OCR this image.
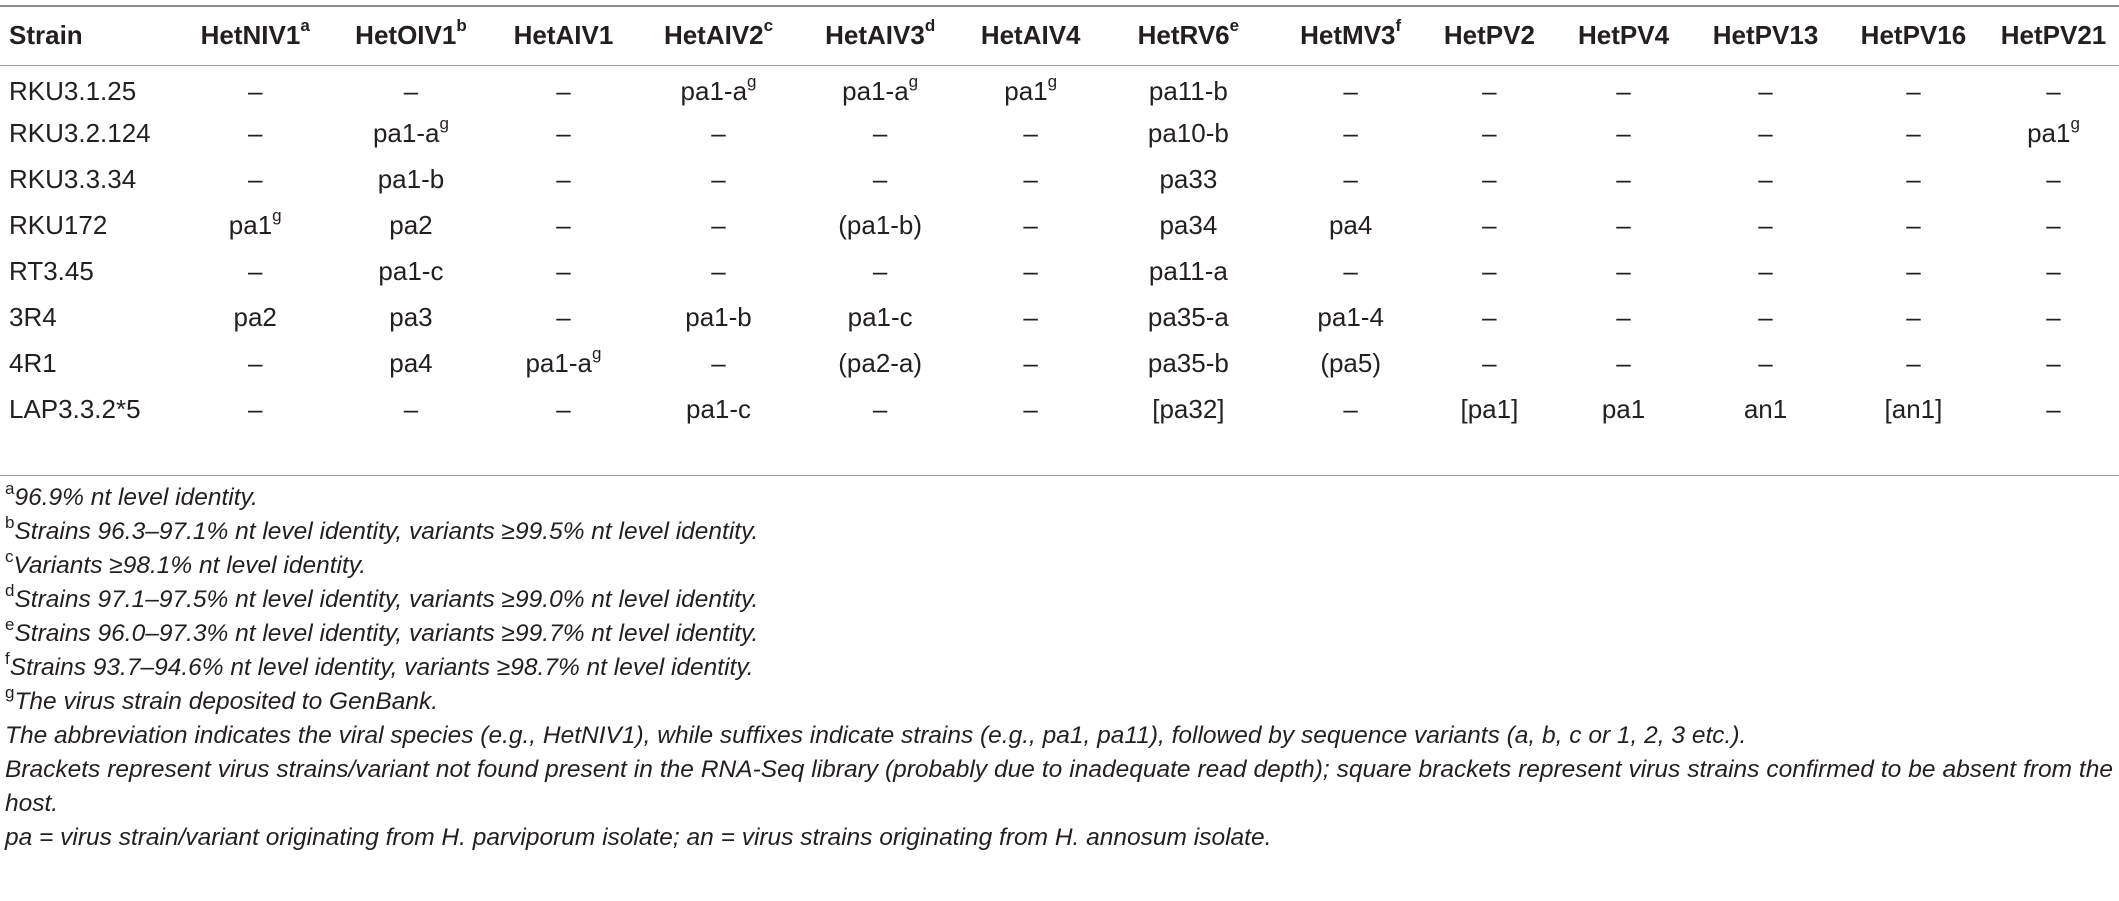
Strain	HetNIV1$^a$	HetOIV1$^b$	HetAIV1	HetAIV2$^c$	HetAIV3$^d$	HetAIV4	HetRV6e	HetMV3$^f$	HetPV2	HetPV4	HetPV13	HetPV16	HetPV21
RKU3.1.25	–	–	–	$pa1-a^g$	$pa1-a^g$	pa1$^g$	pa11-b	–	–	–	–	–	–
RKU3.2.124	–	$pa1-a^g$	–	–	–	–	pa10-b	–	–	–	–	–	pa1$^g$
RKU3.3.34	–	pa1-b	–	–	–	–	pa33	–	–	–	–	–	–
RKU172	pa1$^g$	pa2	–	–	(pa1-b)	–	pa34	pa4	–	–	–	–	–
RT3.45	–	pa1-c	–	–	–	–	pa11-a	–	–	–	–	–	–
3R4	pa2	pa3	–	pa1-b	pa1-c	–	pa35-a	pa1-4	–	–	–	–	–
4R1	–	pa4	$pa1-a^g$	–	(pa2-a)	–	pa35-b	(pa5)	–	–	–	–	–
LAP3.3.2*5	–	–	–	pa1-c	–	–	[pa32]	–	[pa1]	pa1	an1	[an1]	–
$^a$96.9% nt level identity.
$^b$Strains 96.3–97.1% nt level identity, variants ≥99.5% nt level identity.
$^c$Variants ≥98.1% nt level identity.
$^d$Strains 97.1–97.5% nt level identity, variants ≥99.0% nt level identity.
$^e$Strains 96.0–97.3% nt level identity, variants ≥99.7% nt level identity.
$^f$Strains 93.7–94.6% nt level identity, variants ≥98.7% nt level identity.
$^g$The virus strain deposited to GenBank.
The abbreviation indicates the viral species (e.g., HetNIV1), while suffixes indicate strains (e.g., pa1, pa11), followed by sequence variants (a, b, c or 1, 2, 3 etc.).
Brackets represent virus strains/variant not found present in the RNA-Seq library (probably due to inadequate read depth); square brackets represent virus strains confirmed to be absent from the host.
pa = virus strain/variant originating from H. parviporum isolate; an = virus strains originating from H. annosum isolate.
